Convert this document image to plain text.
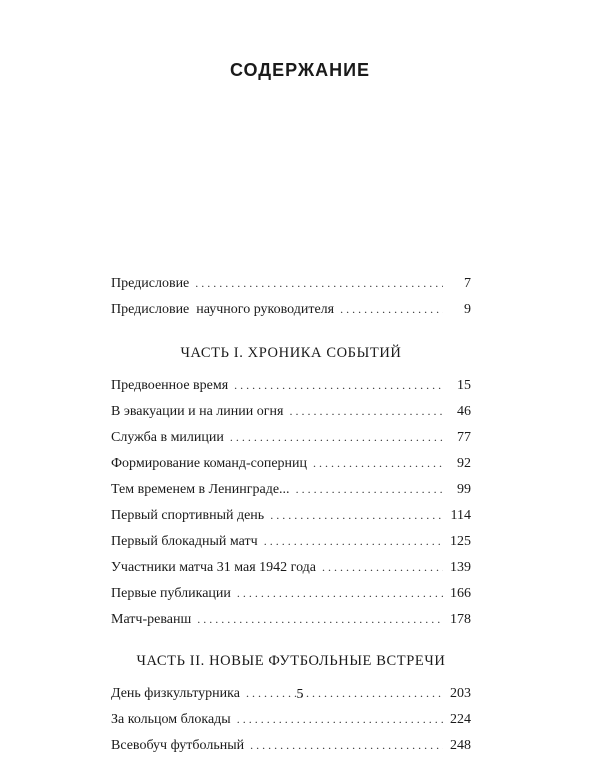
СОДЕРЖАНИЕ
Предисловие . . .	7
Предисловие  научного руководителя . . .	9
ЧАСТЬ I. ХРОНИКА СОБЫТИЙ
Предвоенное время . . .	15
В эвакуации и на линии огня . . .	46
Служба в милиции . . .	77
Формирование команд-соперниц . . .	92
Тем временем в Ленинграде... . . .	99
Первый спортивный день . . .	114
Первый блокадный матч . . .	125
Участники матча 31 мая 1942 года . . .	139
Первые публикации . . .	166
Матч-реванш . . .	178
ЧАСТЬ II. НОВЫЕ ФУТБОЛЬНЫЕ ВСТРЕЧИ
День физкультурника . . .	203
За кольцом блокады . . .	224
Всевобуч футбольный . . .	248
5
